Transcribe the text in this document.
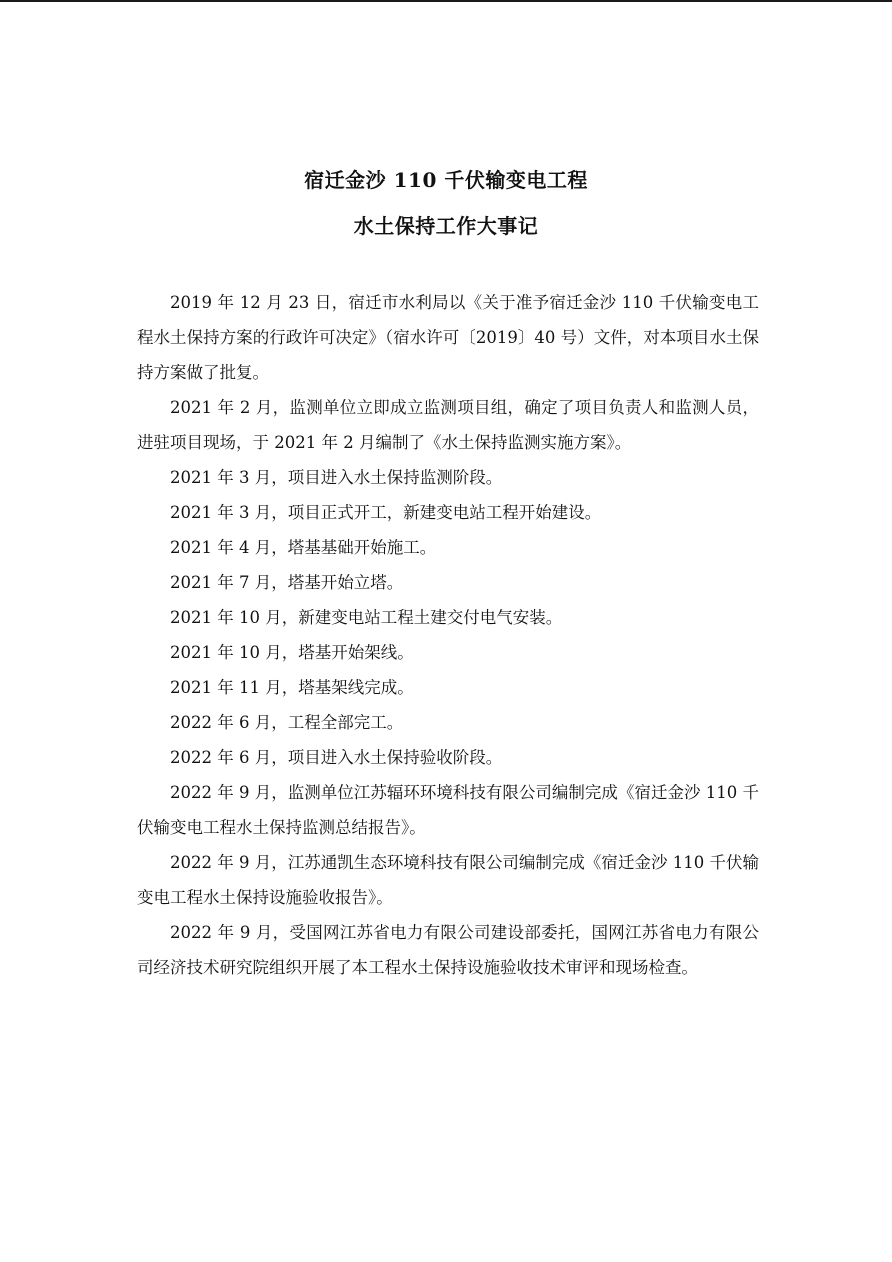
宿迁金沙 110 千伏输变电工程
水土保持工作大事记

2019 年 12 月 23 日，宿迁市水利局以《关于准予宿迁金沙 110 千伏输变电工程水土保持方案的行政许可决定》（宿水许可〔2019〕40 号）文件，对本项目水土保持方案做了批复。

2021 年 2 月，监测单位立即成立监测项目组，确定了项目负责人和监测人员，进驻项目现场，于 2021 年 2 月编制了《水土保持监测实施方案》。

2021 年 3 月，项目进入水土保持监测阶段。

2021 年 3 月，项目正式开工，新建变电站工程开始建设。

2021 年 4 月，塔基基础开始施工。

2021 年 7 月，塔基开始立塔。

2021 年 10 月，新建变电站工程土建交付电气安装。

2021 年 10 月，塔基开始架线。

2021 年 11 月，塔基架线完成。

2022 年 6 月，工程全部完工。

2022 年 6 月，项目进入水土保持验收阶段。

2022 年 9 月，监测单位江苏辐环环境科技有限公司编制完成《宿迁金沙 110 千伏输变电工程水土保持监测总结报告》。

2022 年 9 月，江苏通凯生态环境科技有限公司编制完成《宿迁金沙 110 千伏输变电工程水土保持设施验收报告》。

2022 年 9 月，受国网江苏省电力有限公司建设部委托，国网江苏省电力有限公司经济技术研究院组织开展了本工程水土保持设施验收技术审评和现场检查。
